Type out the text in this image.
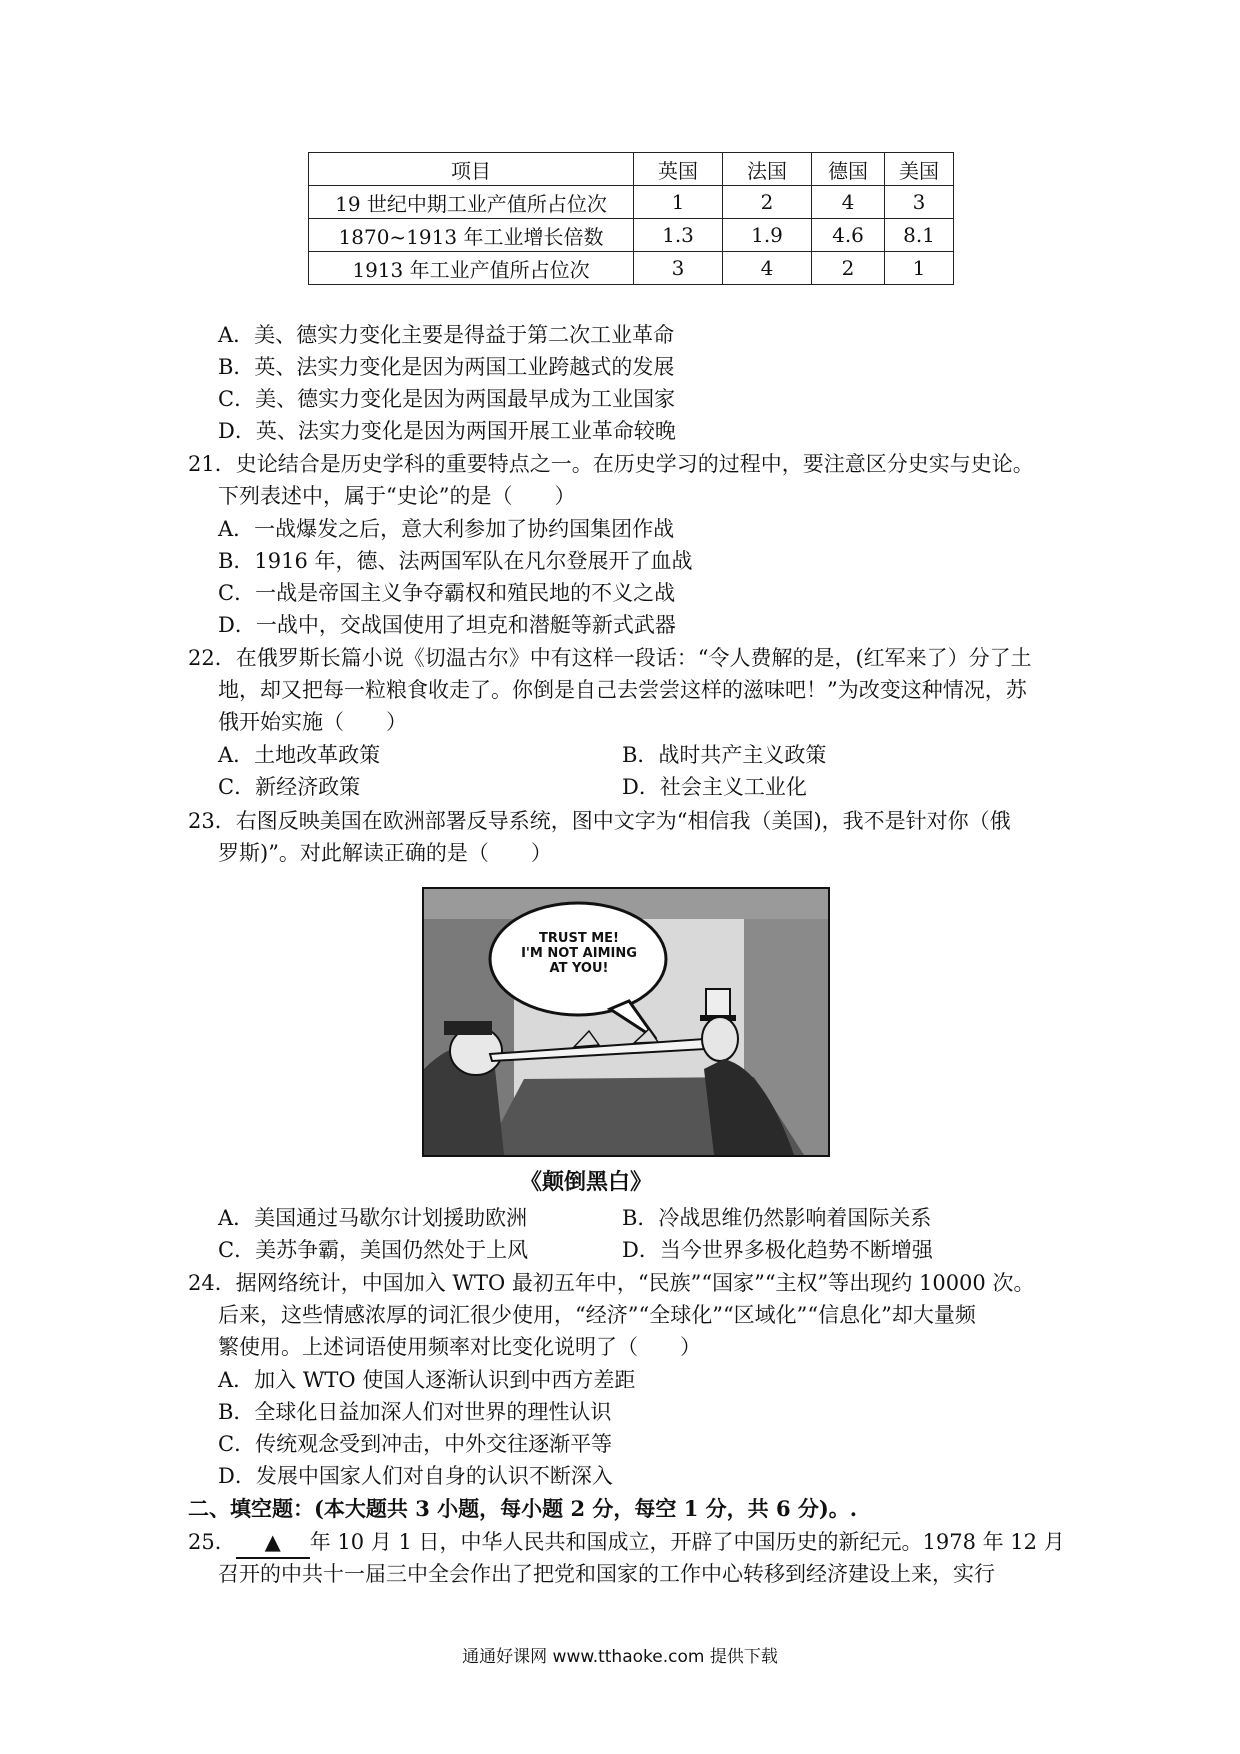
项目	英国	法国	德国	美国
19 世纪中期工业产值所占位次	1	2	4	3
1870~1913 年工业增长倍数	1.3	1.9	4.6	8.1
1913 年工业产值所占位次	3	4	2	1
A．美、德实力变化主要是得益于第二次工业革命
B．英、法实力变化是因为两国工业跨越式的发展
C．美、德实力变化是因为两国最早成为工业国家
D．英、法实力变化是因为两国开展工业革命较晚
21．史论结合是历史学科的重要特点之一。在历史学习的过程中，要注意区分史实与史论。
下列表述中，属于“史论”的是（　　）
A．一战爆发之后，意大利参加了协约国集团作战
B．1916 年，德、法两国军队在凡尔登展开了血战
C．一战是帝国主义争夺霸权和殖民地的不义之战
D．一战中，交战国使用了坦克和潜艇等新式武器
22．在俄罗斯长篇小说《切温古尔》中有这样一段话：“令人费解的是，(红军来了）分了土
地，却又把每一粒粮食收走了。你倒是自己去尝尝这样的滋味吧！”为改变这种情况，苏
俄开始实施（　　）
A．土地改革政策	B．战时共产主义政策
C．新经济政策	D．社会主义工业化
23．右图反映美国在欧洲部署反导系统，图中文字为“相信我（美国)，我不是针对你（俄
罗斯)”。对此解读正确的是（　　）
TRUST ME!
I'M NOT AIMING
AT YOU!
《颠倒黑白》
A．美国通过马歇尔计划援助欧洲	B．冷战思维仍然影响着国际关系
C．美苏争霸，美国仍然处于上风	D．当今世界多极化趋势不断增强
24．据网络统计，中国加入 WTO 最初五年中，“民族”“国家”“主权”等出现约 10000 次。
后来，这些情感浓厚的词汇很少使用，“经济”“全球化”“区域化”“信息化”却大量频
繁使用。上述词语使用频率对比变化说明了（　　）
A．加入 WTO 使国人逐渐认识到中西方差距
B．全球化日益加深人们对世界的理性认识
C．传统观念受到冲击，中外交往逐渐平等
D．发展中国家人们对自身的认识不断深入
二、填空题：(本大题共 3 小题，每小题 2 分，每空 1 分，共 6 分)。.
25． ▲ 年 10 月 1 日，中华人民共和国成立，开辟了中国历史的新纪元。1978 年 12 月
召开的中共十一届三中全会作出了把党和国家的工作中心转移到经济建设上来，实行
通通好课网 www.tthaoke.com 提供下载
